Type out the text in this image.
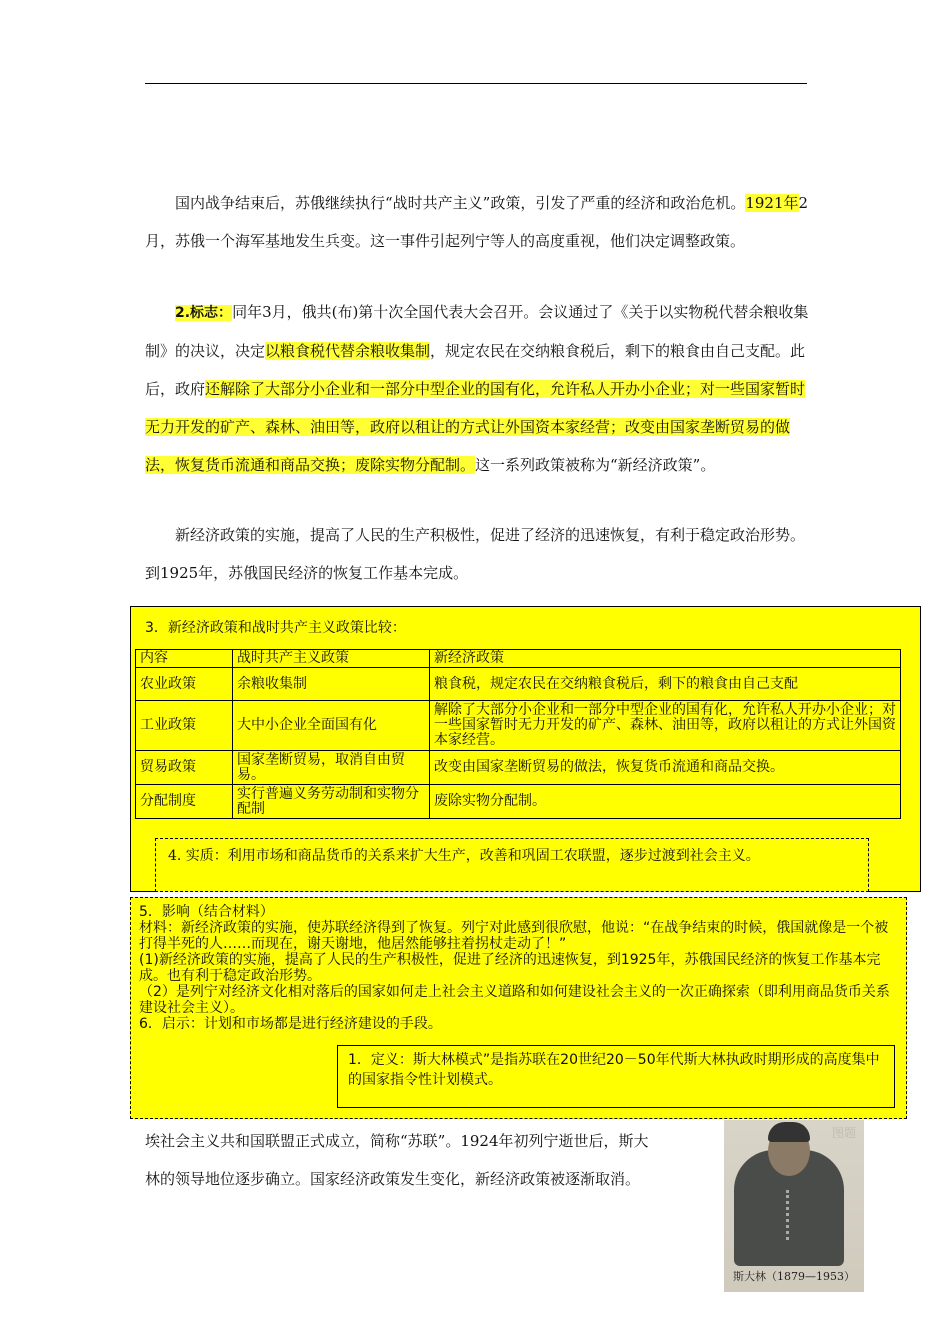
国内战争结束后，苏俄继续执行“战时共产主义”政策，引发了严重的经济和政治危机。1921年2月，苏俄一个海军基地发生兵变。这一事件引起列宁等人的高度重视，他们决定调整政策。

2.标志：同年3月，俄共(布)第十次全国代表大会召开。会议通过了《关于以实物税代替余粮收集制》的决议，决定以粮食税代替余粮收集制，规定农民在交纳粮食税后，剩下的粮食由自己支配。此后，政府还解除了大部分小企业和一部分中型企业的国有化，允许私人开办小企业；对一些国家暂时无力开发的矿产、森林、油田等，政府以租让的方式让外国资本家经营；改变由国家垄断贸易的做法，恢复货币流通和商品交换；废除实物分配制。这一系列政策被称为“新经济政策”。

新经济政策的实施，提高了人民的生产积极性，促进了经济的迅速恢复，有利于稳定政治形势。到1925年，苏俄国民经济的恢复工作基本完成。

3．新经济政策和战时共产主义政策比较：
内容	战时共产主义政策	新经济政策
农业政策	余粮收集制	粮食税，规定农民在交纳粮食税后，剩下的粮食由自己支配
工业政策	大中小企业全面国有化	解除了大部分小企业和一部分中型企业的国有化，允许私人开办小企业；对一些国家暂时无力开发的矿产、森林、油田等，政府以租让的方式让外国资本家经营。
贸易政策	国家垄断贸易，取消自由贸易。	改变由国家垄断贸易的做法，恢复货币流通和商品交换。
分配制度	实行普遍义务劳动制和实物分配制	废除实物分配制。
4. 实质：利用市场和商品货币的关系来扩大生产，改善和巩固工农联盟，逐步过渡到社会主义。

5．影响（结合材料）

材料：新经济政策的实施，使苏联经济得到了恢复。列宁对此感到很欣慰，他说：“在战争结束的时候，俄国就像是一个被打得半死的人……而现在，谢天谢地，他居然能够拄着拐杖走动了！”

(1)新经济政策的实施，提高了人民的生产积极性，促进了经济的迅速恢复，到1925年，苏俄国民经济的恢复工作基本完成。也有利于稳定政治形势。

（2）是列宁对经济文化相对落后的国家如何走上社会主义道路和如何建设社会主义的一次正确探索（即利用商品货币关系建设社会主义）。

6．启示：计划和市场都是进行经济建设的手段。

1．定义：斯大林模式”是指苏联在20世纪20－50年代斯大林执政时期形成的高度集中的国家指令性计划模式。
埃社会主义共和国联盟正式成立，简称“苏联”。1924年初列宁逝世后，斯大
林的领导地位逐步确立。国家经济政策发生变化，新经济政策被逐渐取消。
图题
斯大林（1879—1953）
